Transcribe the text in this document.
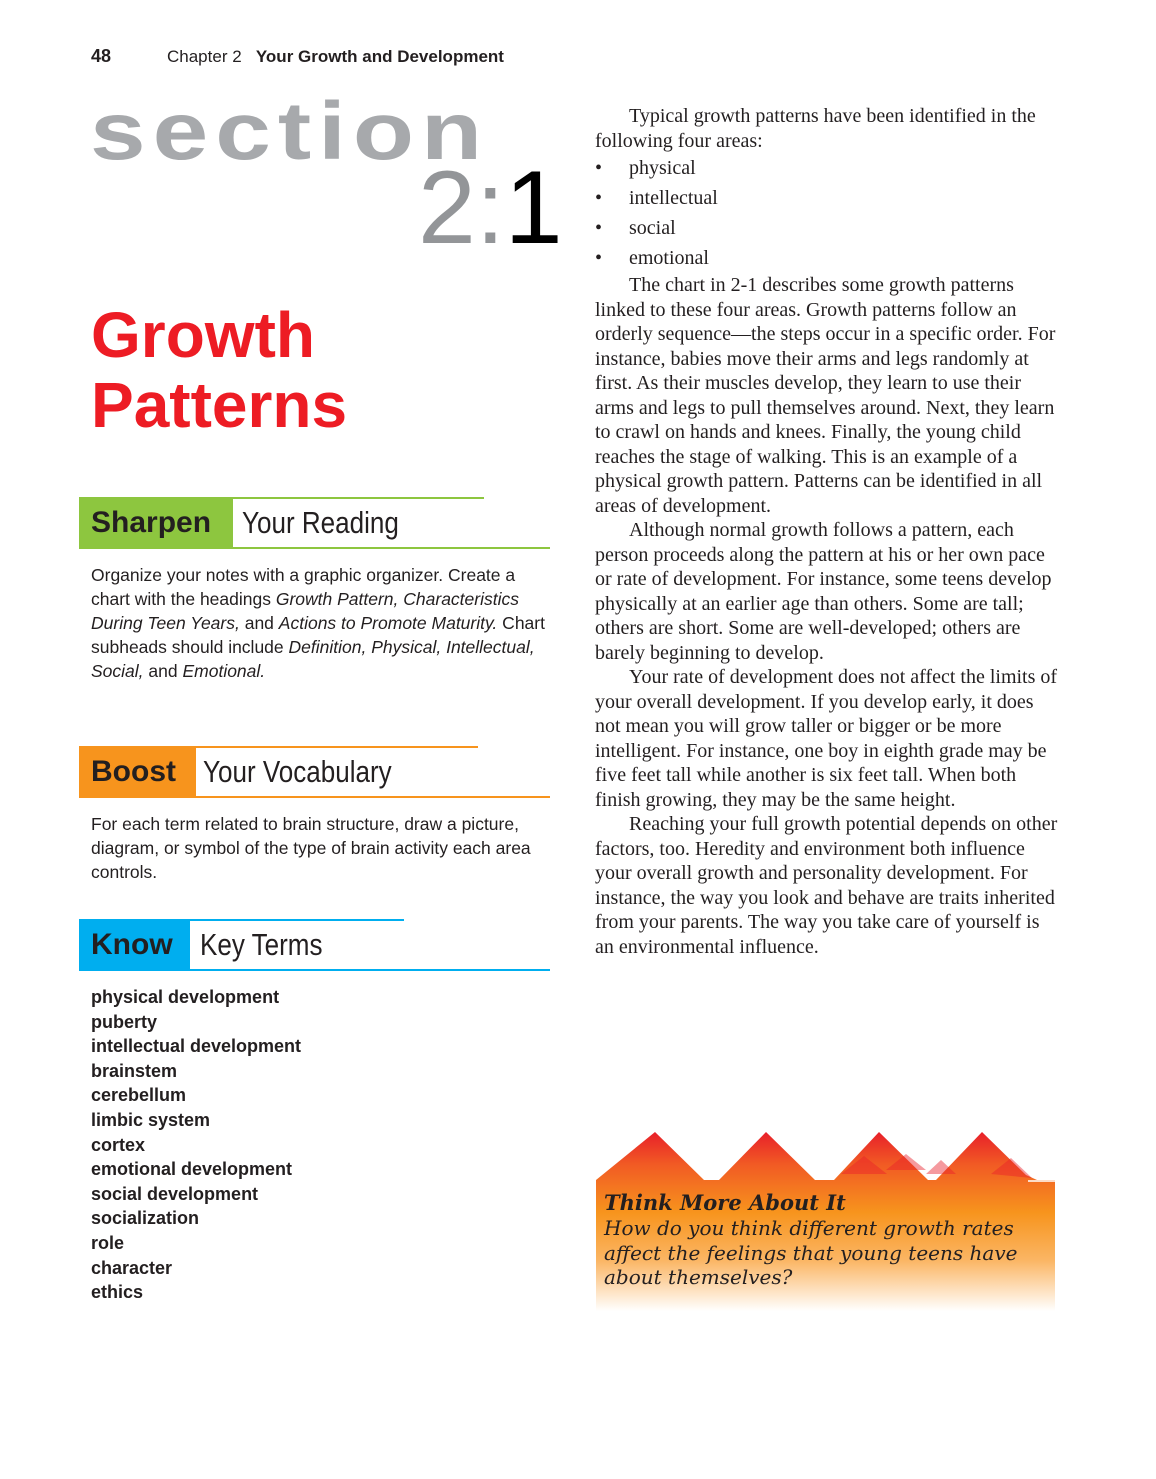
48	Chapter 2 Your Growth and Development
section
2:1
Growth
Patterns
Sharpen Your Reading

Organize your notes with a graphic organizer. Create a chart with the headings Growth Pattern, Characteristics During Teen Years, and Actions to Promote Maturity. Chart subheads should include Definition, Physical, Intellectual, Social, and Emotional.

Boost Your Vocabulary

For each term related to brain structure, draw a picture, diagram, or symbol of the type of brain activity each area controls.

Know Key Terms
physical development
puberty
intellectual development
brainstem
cerebellum
limbic system
cortex
emotional development
social development
socialization
role
character
ethics

Typical growth patterns have been identified in the following four areas:

• physical
• intellectual
• social
• emotional

The chart in 2-1 describes some growth patterns linked to these four areas. Growth patterns follow an orderly sequence—the steps occur in a specific order. For instance, babies move their arms and legs randomly at first. As their muscles develop, they learn to use their arms and legs to pull themselves around. Next, they learn to crawl on hands and knees. Finally, the young child reaches the stage of walking. This is an example of a physical growth pattern. Patterns can be identified in all areas of development.

Although normal growth follows a pattern, each person proceeds along the pattern at his or her own pace or rate of development. For instance, some teens develop physically at an earlier age than others. Some are tall; others are short. Some are well-developed; others are barely beginning to develop.

Your rate of development does not affect the limits of your overall development. If you develop early, it does not mean you will grow taller or bigger or be more intelligent. For instance, one boy in eighth grade may be five feet tall while another is six feet tall. When both finish growing, they may be the same height.

Reaching your full growth potential depends on other factors, too. Heredity and environment both influence your overall growth and personality development. For instance, the way you look and behave are traits inherited from your parents. The way you take care of yourself is an environmental influence.

Think More About It
How do you think different growth rates affect the feelings that young teens have about themselves?
